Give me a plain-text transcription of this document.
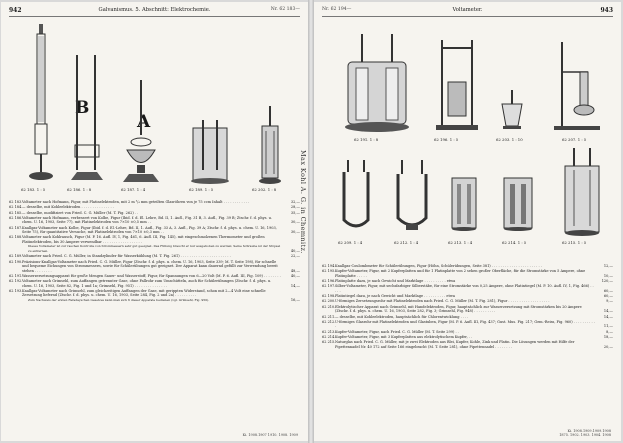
942	Galvanismus. 5. Abschnitt: Elektrochemie.	Nr. 62 183—
62 183. 1 : 5
B
62 186. 1 : 8
A
62 187. 1 : 4	62 189. 1 : 5	62 202. 1 : 8
62 183. Voltameter nach Hofmann, Figur, mit Platinelektroden, mit 2 m ³/₄ mm geteilten Glasröhren von je 75 ccm Inhalt . . . . . . . . . . . .	32,—
62 184. — desselbe, mit Kohleelektroden . . . . . . . . . . . . . . .	28,—
62 185. — desselbe, modifiziert von Fried. C. G. Müller (M. T. Fig. 262) . .	35,—
62 186. Voltameter nach Hofmann, verbessert von Kolbe, Figur (Ibid. f. d. El. Lehre, Bd. II, 1. Aufl., Fig. 31 B, 3. Aufl., Fig. 39 B; Ztschr. f. d. phys. u. chem. U. 16, 1903, Seite 77), mit Platinelektroden von 7×10 ±0,5 mm . .	30,—
62 187. Knallgas-Voltameter nach Kolbe, Figur (Ibid. f. d. El.-Lehre, Bd. II, 1. Aufl., Fig. 33 A, 3. Aufl., Fig. 39 A; Ztschr. f. d. phys. u. chem. U. 16, 1903, Seite 75), für quantitative Versuche, mit Platinelektroden von 7×10 ±0,3 mm . .	30,—
62 188. Voltameter nach Kohlrausch, Figur (M. P. 16. Aufl. IV, 1, Fig. 461, 6. Aufl. III, Fig. 145), mit eingeschmolzenen Thermometer und großen Platinelektroden, bis 30 Ampere verwendbar . . . . . . . . . . . . . . . . . .
40,—
Dieses Voltameter ist zur raschen Kontrolle von Strommessern sehr gut geeignet. Das Füllung braucht er nur ausgehoben zu werden; Seine Schraube ist der Stöpsel zu entfernen.
62 189. Voltameter nach Fried. C. G. Müller, in Standzylinder für Wasserkühlung (M. T. Fig. 261) . . . . . . . . . . . . . . . . . . . . . . .	22,—
62 190. Präzisions-Knallgas-Voltameter nach Fried. C. G. Müller, Figur (Ztschr. f. d. phys. u. chem. U. 16, 1903, Seite 339; M. T. Seite 198), für schnelle und bequeme Eichungen von Strommessern, sowie für Schülerübungen gut geeignet. Der Apparat kann dauernd gefüllt zur Verwendung bereit stehen . . . . . . . .	48,—
62 191. Wasserzersetzungsapparat für große Mengen Sauer- und Wasserstoff, Figur, für Spannungen von 6—20 Volt (M. P. 6. Aufl. III, Fig. 109) . . . . . . . .	40,—
62 192. Voltameter nach Grimsehl, zum Auffangen getrennter Gase, ohne Fallrohr zum Umschütteln, auch für Schülerübungen (Ztschr. f. d. phys. u. chem. U. 16, 1903, Seite 82, Fig. 1 und 1a; Grimsehl, Fig. 951) . . . . . . . . . . . . . . .	14,—
62 193. Knallgas-Voltameter nach Grimsehl, zum gleichzeitigen Auffangen der Gase, mit gerippten Widerstand, schon mit 2—4 Volt eine schnelle Zersetzung liefernd (Ztschr. f. d. phys. u. chem. U. 16, 1903, Seite 284, Fig. 2 und 2a) . . . . . . . . . .
16,—
Zum Nachweis der ersten Faradayschen Gesetzes kann man sich 6 dieser Apparate bedienen (vgl. Grimsehl, Fig. 950).
Ki. 1908.1907 1910. 1908. 1909
Max Kohl A. G. in Chemnitz.
Nr. 62 194—	Voltameter.	943
62 191. 1 : 8	62 196. 1 : 5	62 203. 1 : 10	62 207. 1 : 5
62 209. 1 : 4	62 212. 1 : 4	62 213. 1 : 4	62 214. 1 : 5	62 215. 1 : 5
62 194. Knallgas-Coulombmeter für Schülerübungen, Figur (Höhn, Schülerübungen, Seite 381) . . . . . . . . . . . . . . . . . . . . . . .	12,—
62 195. Kupfer-Voltameter, Figur, mit 2 Kupferplatten und für 1 Platinplatte von 2 sehen großer Oberfläche, für die Stromstärke von 5 Ampere, ohne Platinplatte . . . . .	10,—
62 196. Platinplatte dazu, je nach Gewicht und Marktlage . . . . . . . . . . etwa	120,—
62 197. Silber-Voltameter, Figur, mit sechsfarbiger Silberstäbe, für eine Stromstärke von 0,25 Ampere, ohne Platintiegel (M. P. 10. Aufl. IV, 1, Fig. 466) . . . . .	60,—
62 198. Platintiegel dazu, je nach Gewicht und Marktlage . . . . . . . . . . etwa	60,—
62 200. U-förmiges Zersetzungsrohr mit Platinelektroden nach Fried. C. G. Müller (M. T. Fig. 281), Figur . . . . . . . . . . . . . . . . . . .	9,—
62 210. Elektrolytischer Apparat nach Grimsehl, mit Handelektroden, Figur, hauptsächlich zur Wasserzersetzung mit Stromstärken bis 20 Ampere (Ztschr. f. d. phys. u. chem. U. 16, 1903, Seite 282, Fig. 3; Grimsehl, Fig. 948) . . . . . . . . . .	14,—
62 211. — desselbe, mit Kohleelektroden, hauptsächlich für Chlorentwicklung . . . .	14,—
62 212. U-förmiges Glasrohr mit Platinelektroden und Glastuben, Figur (M. P. 6. Aufl. III, Fig. 437; Gust. Mus. Fig. 217; Gem.-Reiss, Fig. 960) . . . . . . . . . . .	11,—
62 213. Kupfer-Voltameter, Figur, nach Fried. C. G. Müller (M. T. Seite 299) . .	8,—
62 214. Kupfer-Voltameter, Figur, mit 3 Kupferplatten aus elektrolytischem Kupfer, . .	18,—
62 215. Naturglas nach Fried. C. G. Müller, mit je zwei Elektroden aus Blei, Kupfer, Kohle, Zink und Platin. Die Lösungen werden mit Hilfe der Pipettennadel Nr. 40 172 auf Seite 166 eingebracht (M. T. Seite 281), ohne Pipettennadel . . . . . . . .	20,—
Ki. 1908.1909.1909.1908
1875. 1902. 1903. 1904. 1908
